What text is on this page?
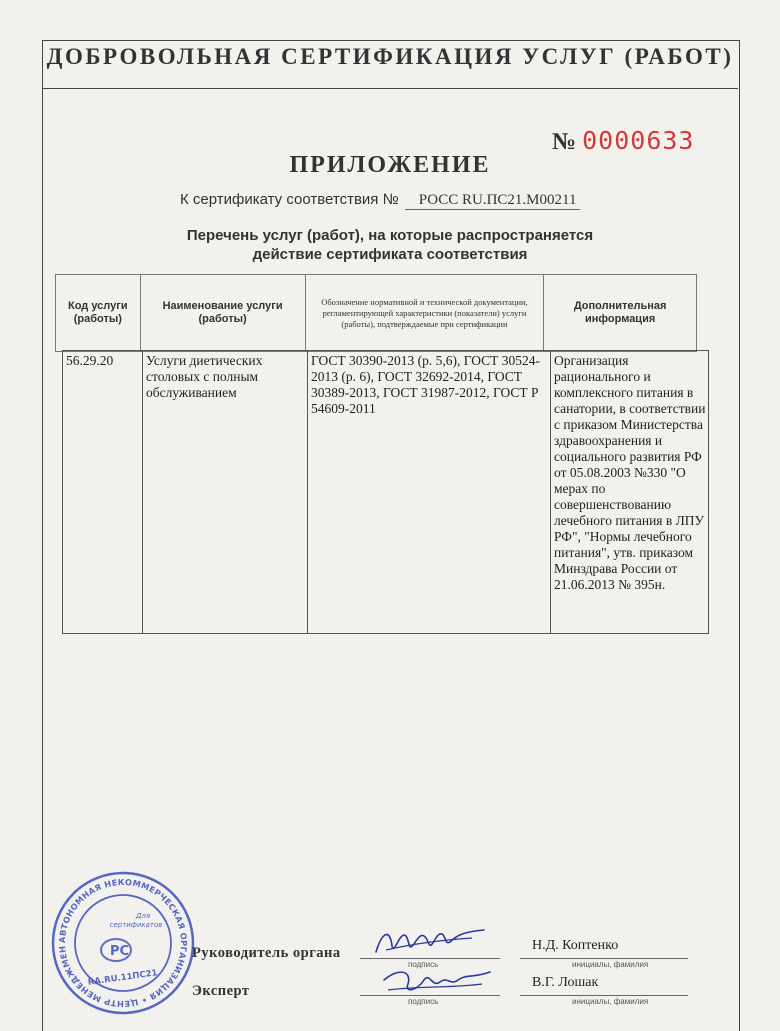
ДОБРОВОЛЬНАЯ СЕРТИФИКАЦИЯ УСЛУГ (РАБОТ)
№ 0000633
ПРИЛОЖЕНИЕ
К сертификату соответствия № РОСС RU.ПС21.М00211
Перечень услуг (работ), на которые распространяется
действие сертификата соответствия
Код услуги (работы)
Наименование услуги (работы)
Обозначение нормативной и технической документации, регламентирующей характеристики (показатели) услуги (работы), подтверждаемые при сертификации
Дополнительная информация
56.29.20	Услуги диетических столовых с полным обслуживанием
ГОСТ 30390-2013 (р. 5,6), ГОСТ 30524-2013 (р. 6), ГОСТ 32692-2014, ГОСТ 30389-2013, ГОСТ 31987-2012, ГОСТ Р 54609-2011
Организация рационального и комплексного питания в санатории, в соответствии с приказом Министерства здравоохранения и социального развития РФ от 05.08.2003 №330 "О мерах по совершенствованию лечебного питания в ЛПУ РФ", "Нормы лечебного питания", утв. приказом Минздрава России от 21.06.2013 № 395н.
АВТОНОМНАЯ НЕКОММЕРЧЕСКАЯ ОРГАНИЗАЦИЯ • ЦЕНТР МЕНЕДЖМЕН
Для
сертификатов
РС
RA.RU.11ПС21
Руководитель органа
подпись
Н.Д. Коптенко
инициалы, фамилия
Эксперт
подпись
В.Г. Лошак
инициалы, фамилия
